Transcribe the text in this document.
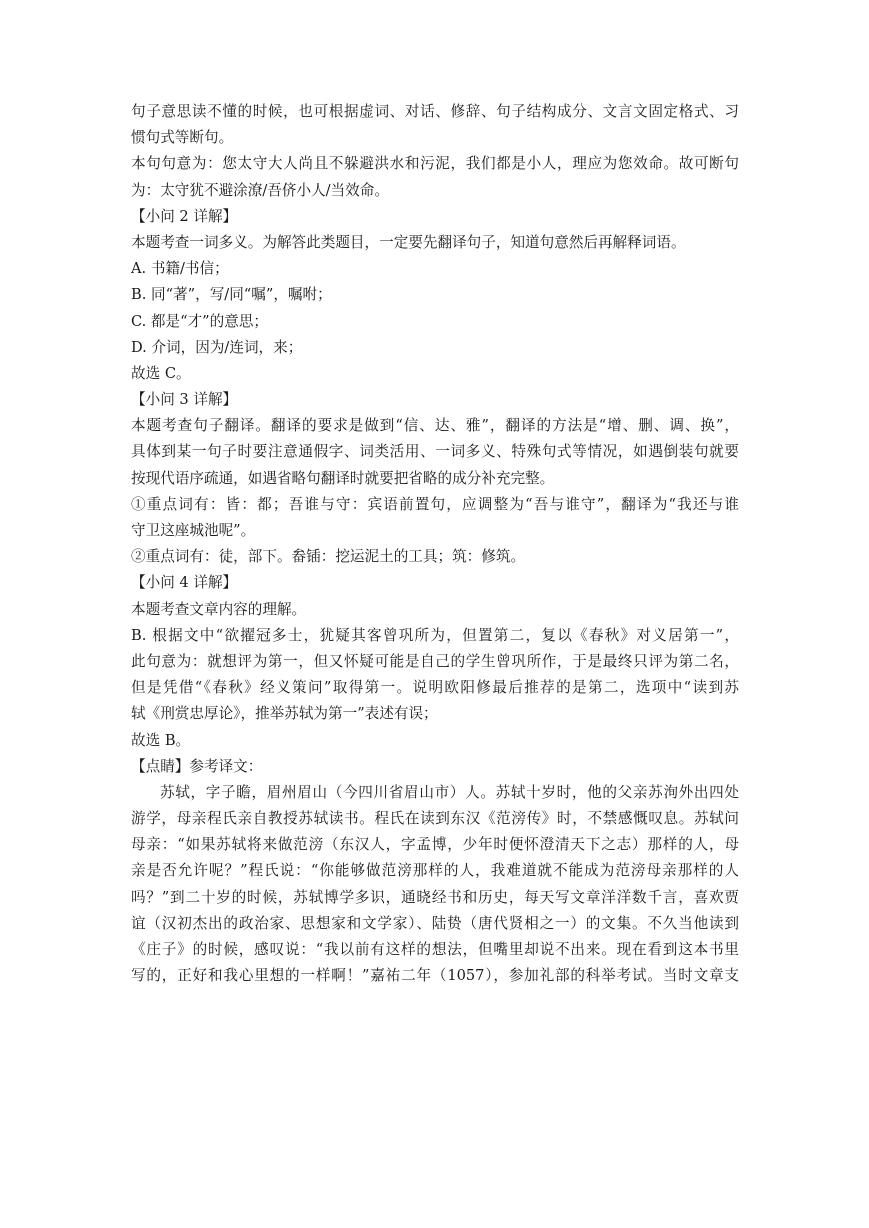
句子意思读不懂的时候，也可根据虚词、对话、修辞、句子结构成分、文言文固定格式、习
惯句式等断句。
本句句意为：您太守大人尚且不躲避洪水和污泥，我们都是小人，理应为您效命。故可断句
为：太守犹不避涂潦/吾侪小人/当效命。
【小问 2 详解】
本题考查一词多义。为解答此类题目，一定要先翻译句子，知道句意然后再解释词语。
A. 书籍/书信；
B. 同“著”，写/同“嘱”，嘱咐；
C. 都是“才”的意思；
D. 介词，因为/连词，来；
故选 C。
【小问 3 详解】
本题考查句子翻译。翻译的要求是做到“信、达、雅”，翻译的方法是“增、删、调、换”，
具体到某一句子时要注意通假字、词类活用、一词多义、特殊句式等情况，如遇倒装句就要
按现代语序疏通，如遇省略句翻译时就要把省略的成分补充完整。
①重点词有：皆：都；吾谁与守：宾语前置句，应调整为“吾与谁守”，翻译为“我还与谁
守卫这座城池呢”。
②重点词有：徒，部下。畚锸：挖运泥土的工具；筑：修筑。
【小问 4 详解】
本题考查文章内容的理解。
B. 根据文中“欲擢冠多士，犹疑其客曾巩所为，但置第二，复以《春秋》对义居第一”，
此句意为：就想评为第一，但又怀疑可能是自己的学生曾巩所作，于是最终只评为第二名，
但是凭借“《春秋》经义策问”取得第一。说明欧阳修最后推荐的是第二，选项中“读到苏
轼《刑赏忠厚论》，推举苏轼为第一”表述有误；
故选 B。
【点睛】参考译文：
苏轼，字子瞻，眉州眉山（今四川省眉山市）人。苏轼十岁时，他的父亲苏洵外出四处
游学，母亲程氏亲自教授苏轼读书。程氏在读到东汉《范滂传》时，不禁感慨叹息。苏轼问
母亲：“如果苏轼将来做范滂（东汉人，字孟博，少年时便怀澄清天下之志）那样的人，母
亲是否允许呢？”程氏说：“你能够做范滂那样的人，我难道就不能成为范滂母亲那样的人
吗？”到二十岁的时候，苏轼博学多识，通晓经书和历史，每天写文章洋洋数千言，喜欢贾
谊（汉初杰出的政治家、思想家和文学家）、陆贽（唐代贤相之一）的文集。不久当他读到
《庄子》的时候，感叹说：“我以前有这样的想法，但嘴里却说不出来。现在看到这本书里
写的，正好和我心里想的一样啊！”嘉祐二年（1057），参加礼部的科举考试。当时文章支
